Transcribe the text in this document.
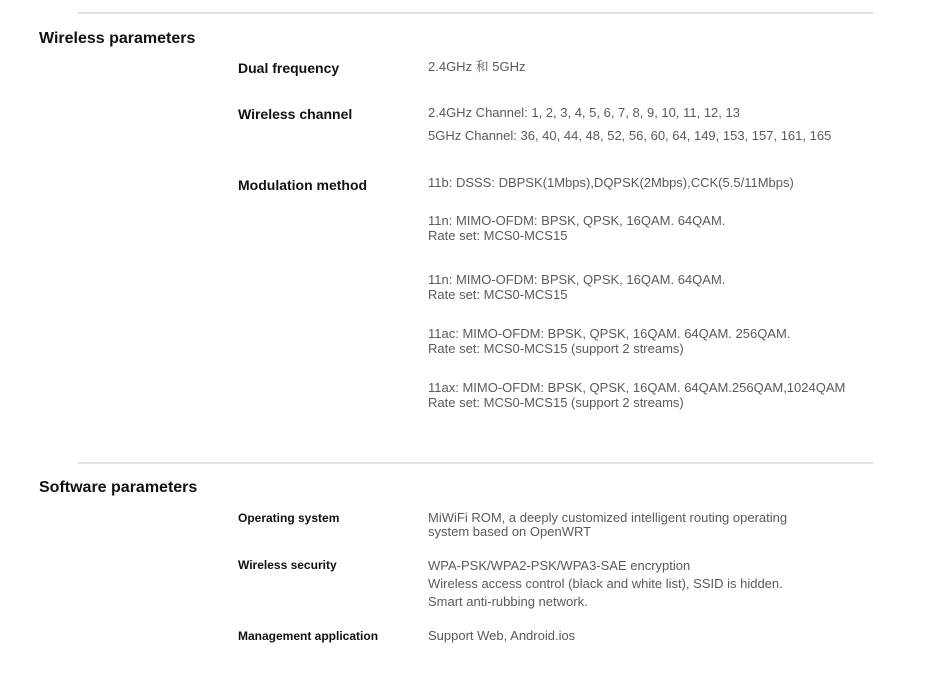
Wireless parameters
Dual frequency	2.4GHz 和 5GHz
Wireless channel	2.4GHz Channel: 1, 2, 3, 4, 5, 6, 7, 8, 9, 10, 11, 12, 13
5GHz Channel: 36, 40, 44, 48, 52, 56, 60, 64, 149, 153, 157, 161, 165
Modulation method	11b: DSSS: DBPSK(1Mbps),DQPSK(2Mbps),CCK(5.5/11Mbps)
11n: MIMO-OFDM: BPSK, QPSK, 16QAM. 64QAM.
Rate set: MCS0-MCS15
11n: MIMO-OFDM: BPSK, QPSK, 16QAM. 64QAM.
Rate set: MCS0-MCS15
11ac: MIMO-OFDM: BPSK, QPSK, 16QAM. 64QAM. 256QAM.
Rate set: MCS0-MCS15 (support 2 streams)
11ax: MIMO-OFDM: BPSK, QPSK, 16QAM. 64QAM.256QAM,1024QAM
Rate set: MCS0-MCS15 (support 2 streams)
Software parameters
Operating system	MiWiFi ROM, a deeply customized intelligent routing operating
system based on OpenWRT
Wireless security	WPA-PSK/WPA2-PSK/WPA3-SAE encryption
Wireless access control (black and white list), SSID is hidden.
Smart anti-rubbing network.
Management application	Support Web, Android.ios
